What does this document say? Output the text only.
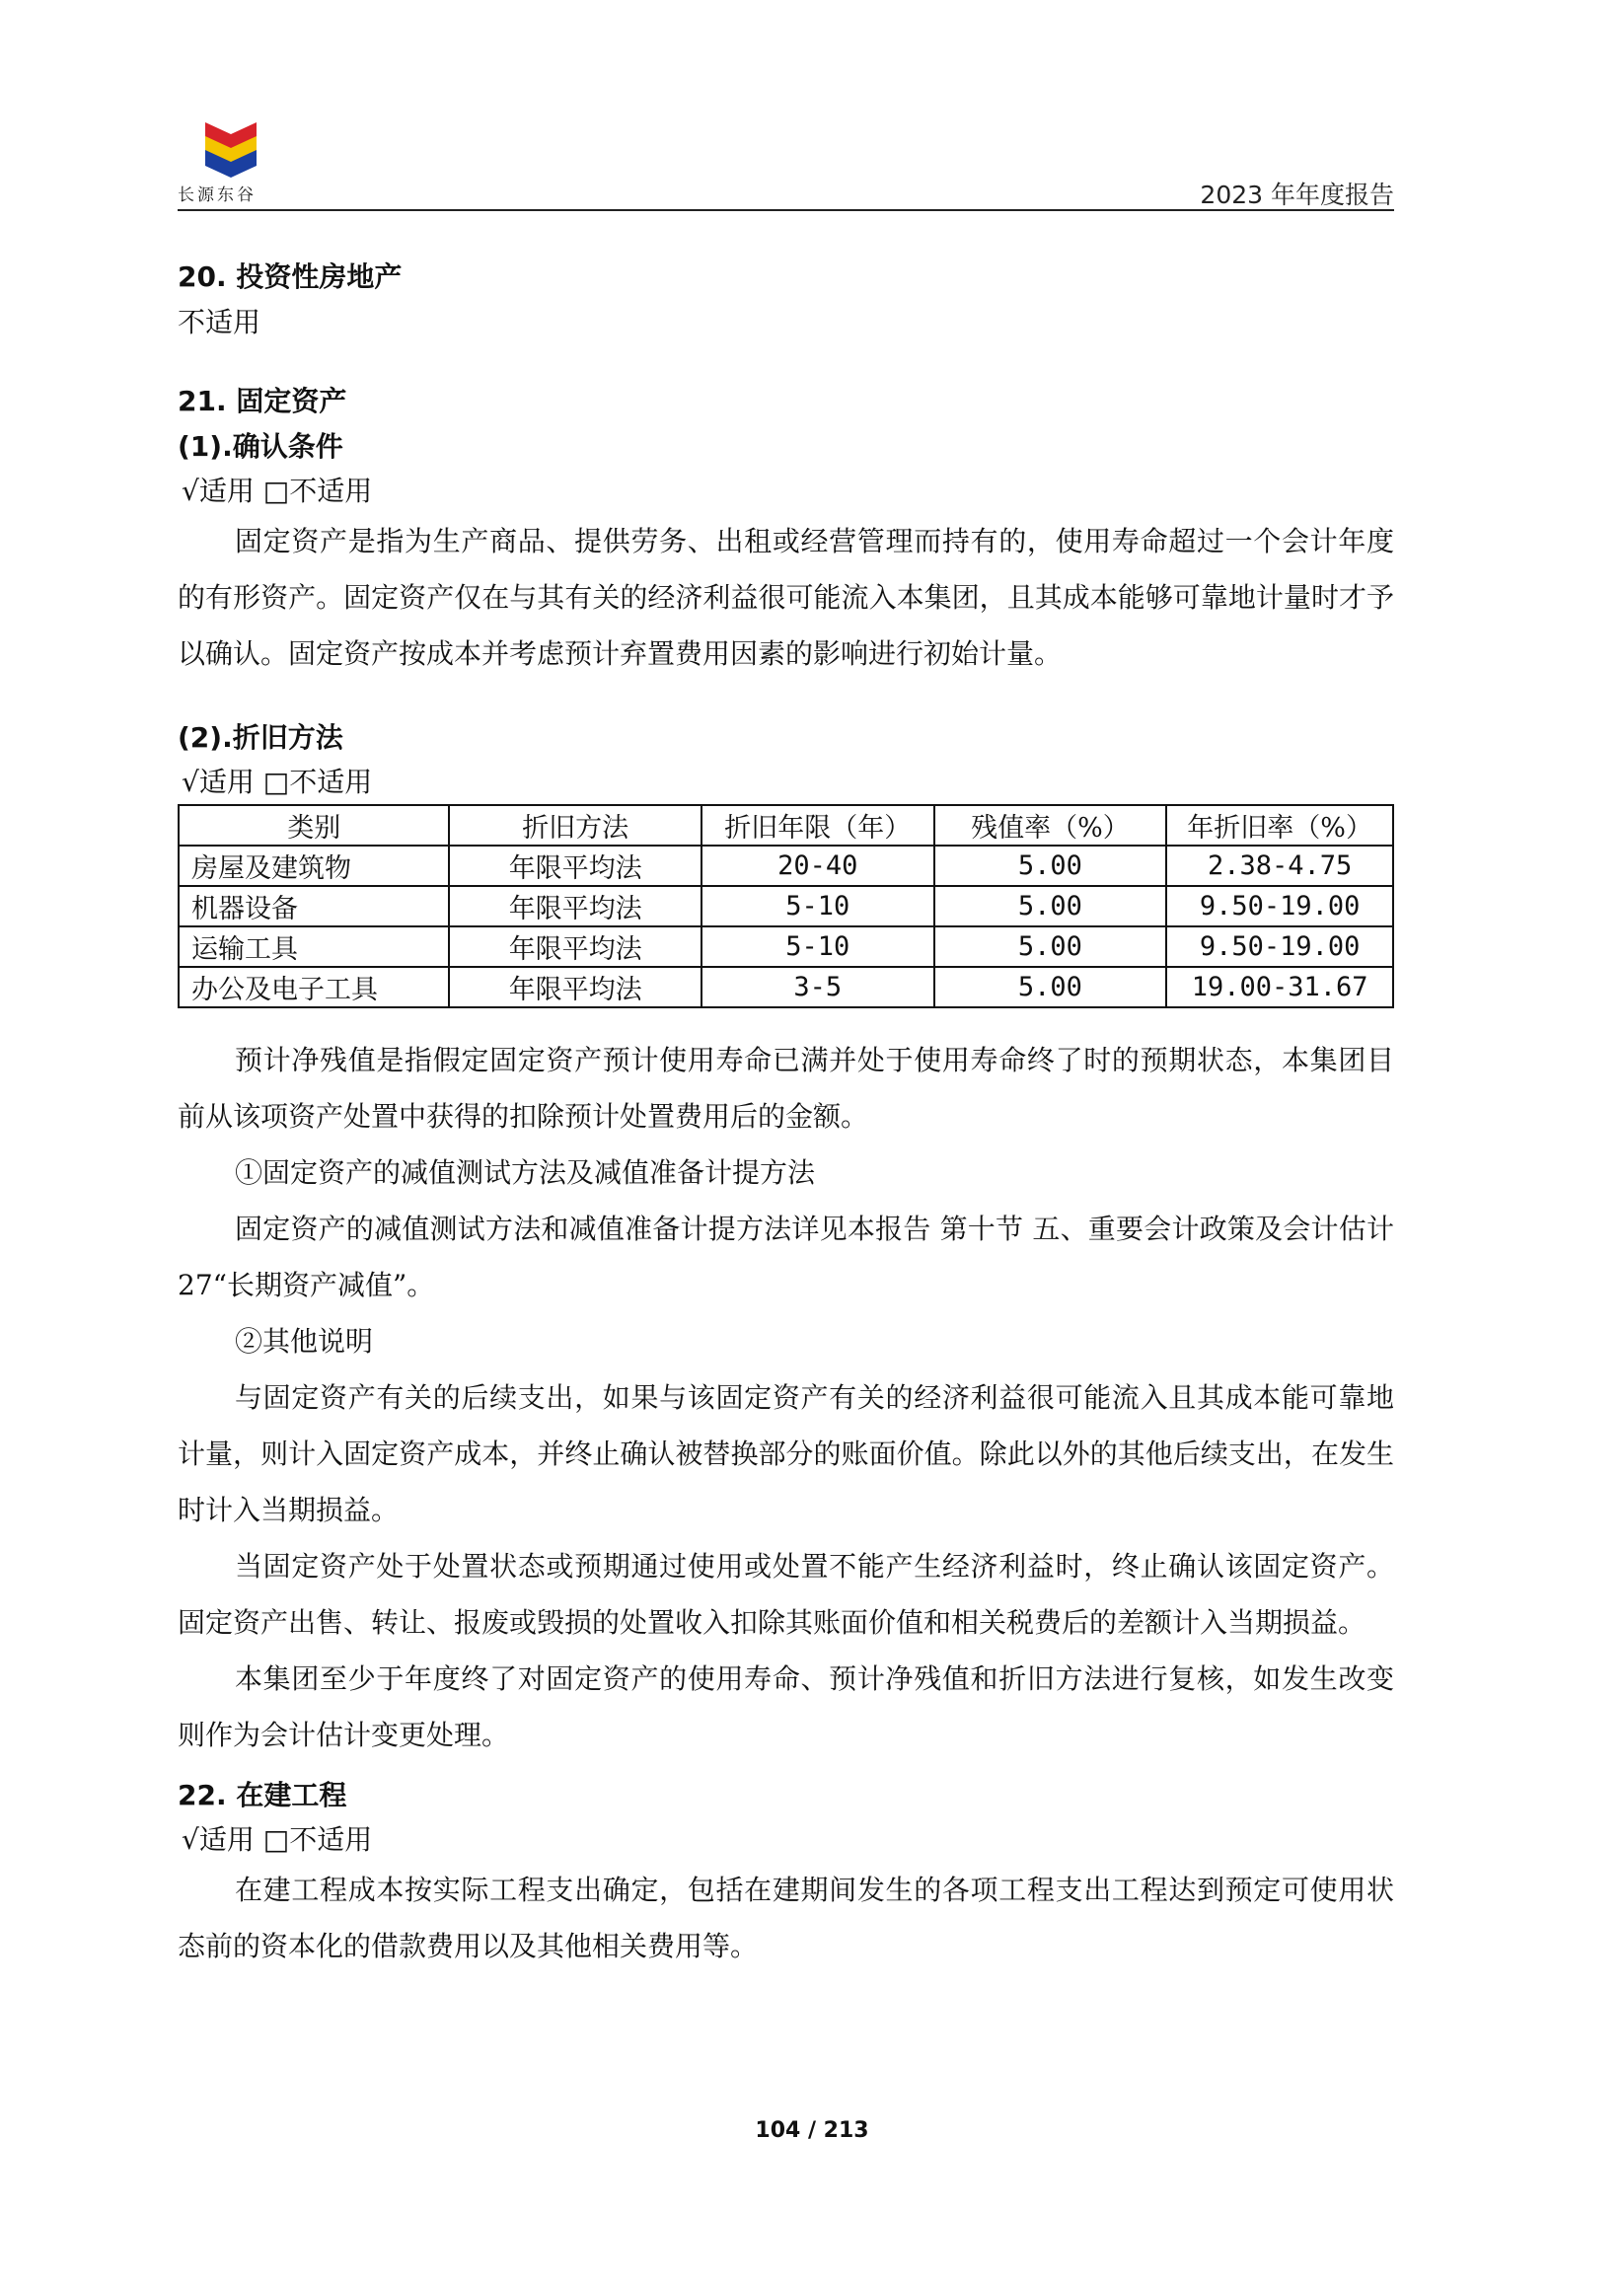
长源东谷	2023 年年度报告

20. 投资性房地产

不适用

21. 固定资产

(1).确认条件

√适用 □不适用

固定资产是指为生产商品、提供劳务、出租或经营管理而持有的，使用寿命超过一个会计年度的有形资产。固定资产仅在与其有关的经济利益很可能流入本集团，且其成本能够可靠地计量时才予以确认。固定资产按成本并考虑预计弃置费用因素的影响进行初始计量。

(2).折旧方法

√适用 □不适用

类别	折旧方法	折旧年限（年）	残值率（%）	年折旧率（%）
房屋及建筑物	年限平均法	20-40	5.00	2.38-4.75
机器设备	年限平均法	5-10	5.00	9.50-19.00
运输工具	年限平均法	5-10	5.00	9.50-19.00
办公及电子工具	年限平均法	3-5	5.00	19.00-31.67

预计净残值是指假定固定资产预计使用寿命已满并处于使用寿命终了时的预期状态，本集团目前从该项资产处置中获得的扣除预计处置费用后的金额。

①固定资产的减值测试方法及减值准备计提方法

固定资产的减值测试方法和减值准备计提方法详见本报告 第十节 五、重要会计政策及会计估计 27“长期资产减值”。

②其他说明

与固定资产有关的后续支出，如果与该固定资产有关的经济利益很可能流入且其成本能可靠地计量，则计入固定资产成本，并终止确认被替换部分的账面价值。除此以外的其他后续支出，在发生时计入当期损益。

当固定资产处于处置状态或预期通过使用或处置不能产生经济利益时，终止确认该固定资产。固定资产出售、转让、报废或毁损的处置收入扣除其账面价值和相关税费后的差额计入当期损益。

本集团至少于年度终了对固定资产的使用寿命、预计净残值和折旧方法进行复核，如发生改变则作为会计估计变更处理。

22. 在建工程

√适用 □不适用

在建工程成本按实际工程支出确定，包括在建期间发生的各项工程支出工程达到预定可使用状态前的资本化的借款费用以及其他相关费用等。

104 / 213
